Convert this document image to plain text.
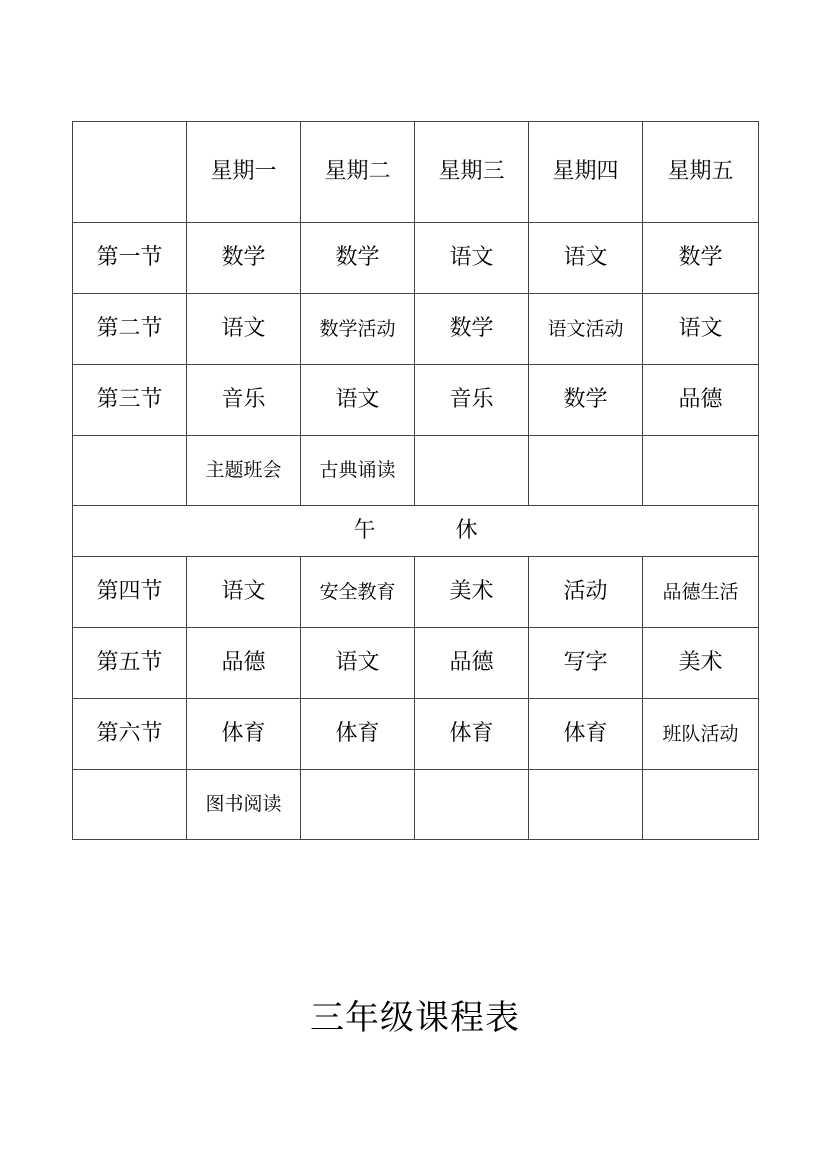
	星期一	星期二	星期三	星期四	星期五
第一节	数学	数学	语文	语文	数学
第二节	语文	数学活动	数学	语文活动	语文
第三节	音乐	语文	音乐	数学	品德
	主题班会	古典诵读			
午 休					
第四节	语文	安全教育	美术	活动	品德生活
第五节	品德	语文	品德	写字	美术
第六节	体育	体育	体育	体育	班队活动
	图书阅读				
三年级课程表
